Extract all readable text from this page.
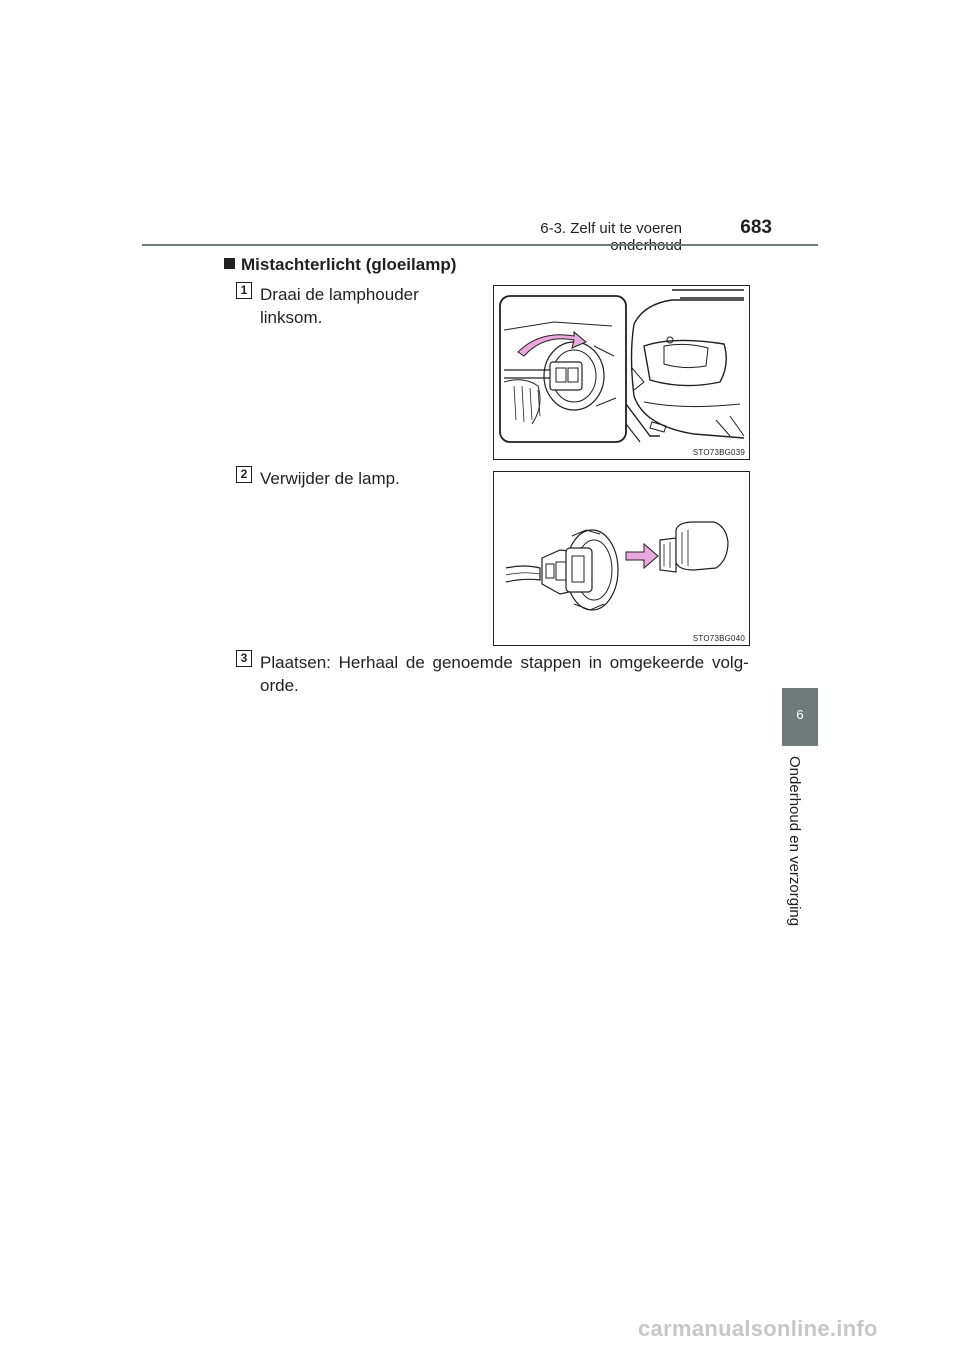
6-3. Zelf uit te voeren	683
6
Onderhoud en verzorging
Mistachterlicht (gloeilamp)
1 Draai de lamphouder
linksom.
STO73BG039
2 Verwijder de lamp.
STO73BG040
3 Plaatsen: Herhaal de genoemde stappen in omgekeerde volg-
orde.
carmanualsonline.info
